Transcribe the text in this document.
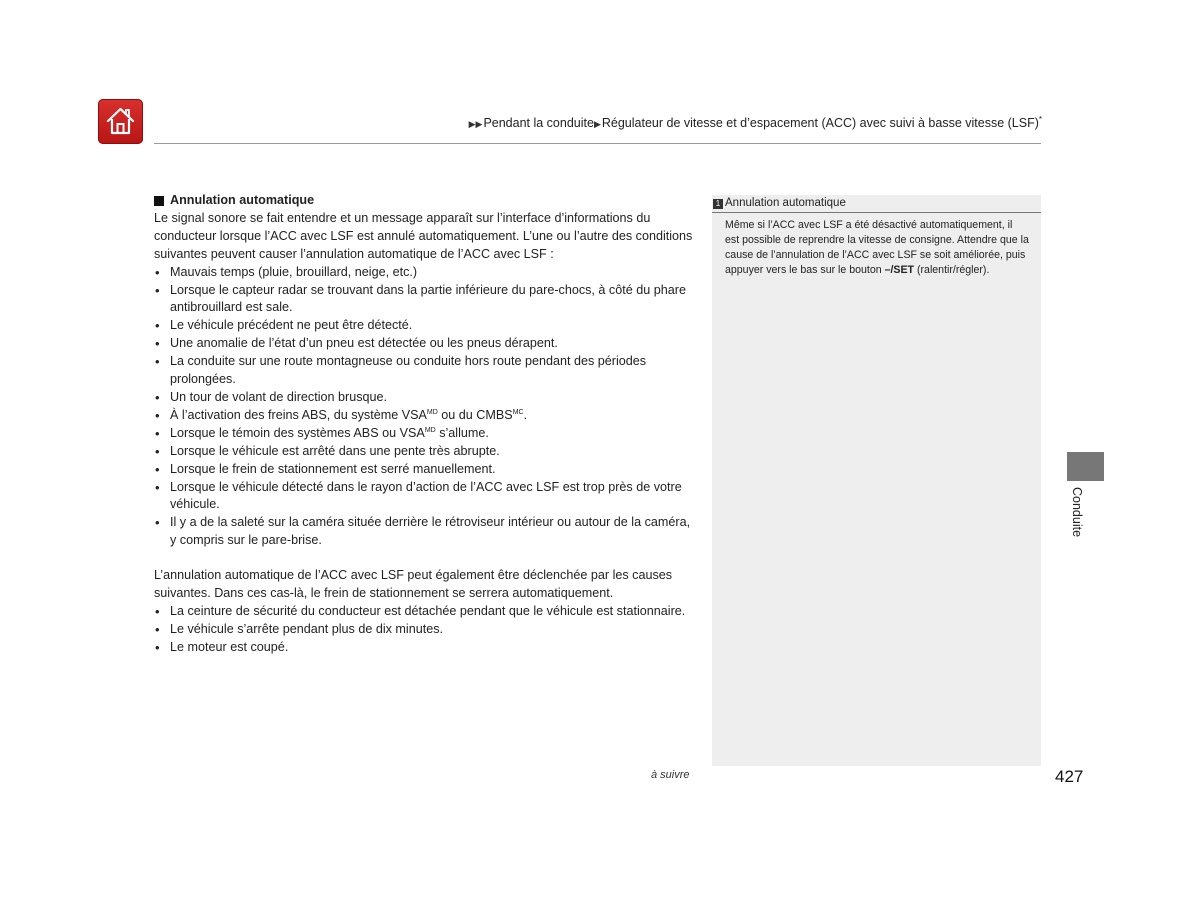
▶▶Pendant la conduite▶Régulateur de vitesse et d’espacement (ACC) avec suivi à basse vitesse (LSF)*
Annulation automatique

Le signal sonore se fait entendre et un message apparaît sur l’interface d’informations du conducteur lorsque l’ACC avec LSF est annulé automatiquement. L’une ou l’autre des conditions suivantes peuvent causer l’annulation automatique de l’ACC avec LSF :

• Mauvais temps (pluie, brouillard, neige, etc.)
• Lorsque le capteur radar se trouvant dans la partie inférieure du pare-chocs, à côté du phare antibrouillard est sale.
• Le véhicule précédent ne peut être détecté.
• Une anomalie de l’état d’un pneu est détectée ou les pneus dérapent.
• La conduite sur une route montagneuse ou conduite hors route pendant des périodes prolongées.
• Un tour de volant de direction brusque.
• À l’activation des freins ABS, du système $VSA^{MD}$ ou du $CMBS^{MC}$.
• Lorsque le témoin des systèmes ABS ou $VSA^{MD}$ s’allume.
• Lorsque le véhicule est arrêté dans une pente très abrupte.
• Lorsque le frein de stationnement est serré manuellement.
• Lorsque le véhicule détecté dans le rayon d’action de l’ACC avec LSF est trop près de votre véhicule.
• Il y a de la saleté sur la caméra située derrière le rétroviseur intérieur ou autour de la caméra, y compris sur le pare-brise.

L’annulation automatique de l’ACC avec LSF peut également être déclenchée par les causes suivantes. Dans ces cas-là, le frein de stationnement se serrera automatiquement.

• La ceinture de sécurité du conducteur est détachée pendant que le véhicule est stationnaire.
• Le véhicule s’arrête pendant plus de dix minutes.
• Le moteur est coupé.
1 Annulation automatique
Même si l’ACC avec LSF a été désactivé automatiquement, il est possible de reprendre la vitesse de consigne. Attendre que la cause de l’annulation de l’ACC avec LSF se soit améliorée, puis appuyer vers le bas sur le bouton –/SET (ralentir/régler).
Conduite
à suivre	427
